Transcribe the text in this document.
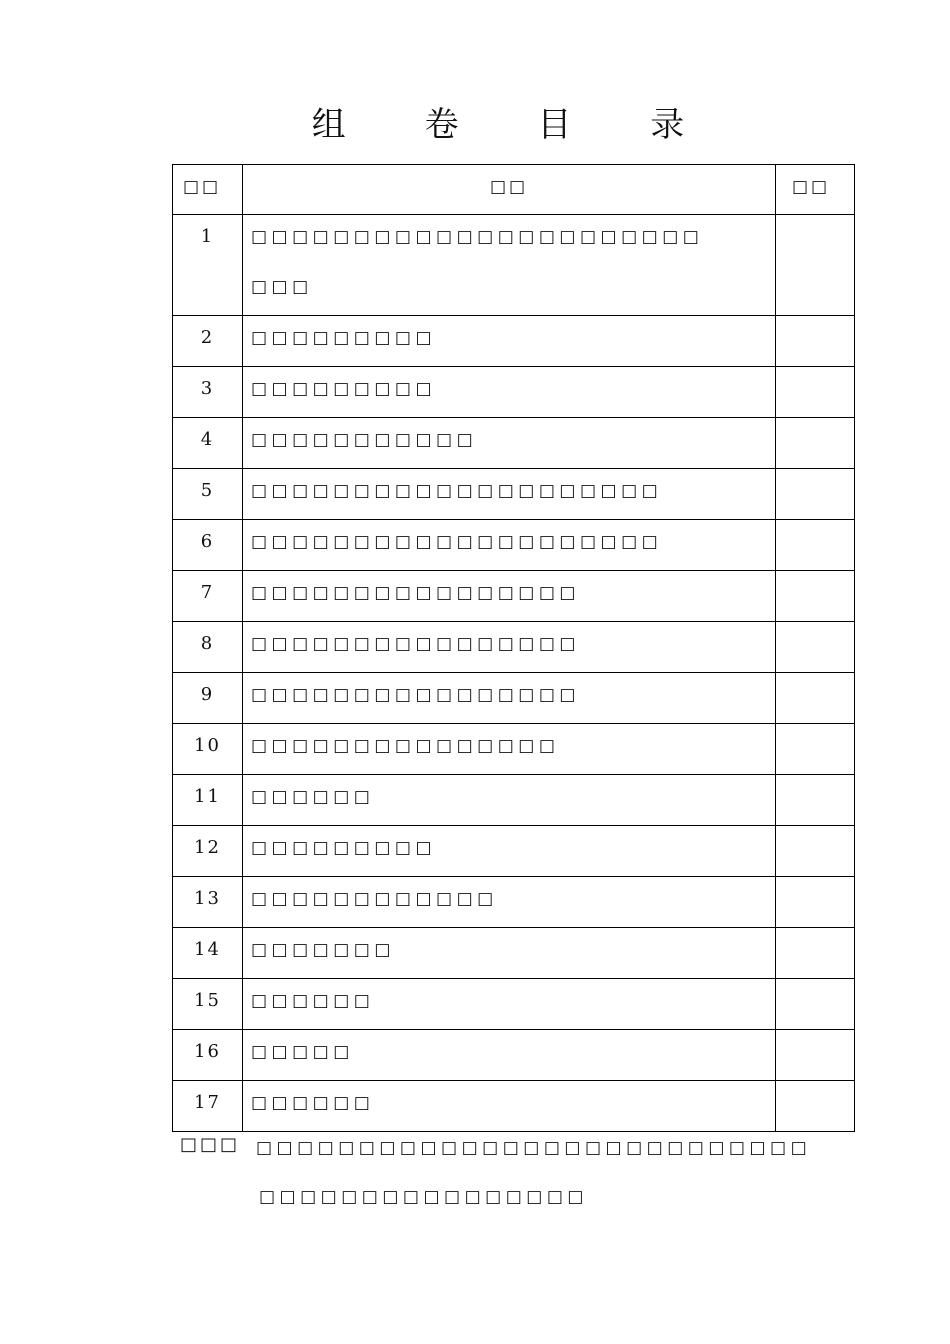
组 卷 目 录
□□	□□	□□
1	□□□□□□□□□□□□□□□□□□□□□□
□□□	

2	□□□□□□□□□	
3	□□□□□□□□□	
4	□□□□□□□□□□□	
5	□□□□□□□□□□□□□□□□□□□□	
6	□□□□□□□□□□□□□□□□□□□□	
7	□□□□□□□□□□□□□□□□	
8	□□□□□□□□□□□□□□□□	
9	□□□□□□□□□□□□□□□□	
10	□□□□□□□□□□□□□□□	
11	□□□□□□	
12	□□□□□□□□□	
13	□□□□□□□□□□□□	
14	□□□□□□□	
15	□□□□□□	
16	□□□□□	
17	□□□□□□	
□□□ □□□□□□□□□□□□□□□□□□□□□□□□□□□
□□□□□□□□□□□□□□□□
